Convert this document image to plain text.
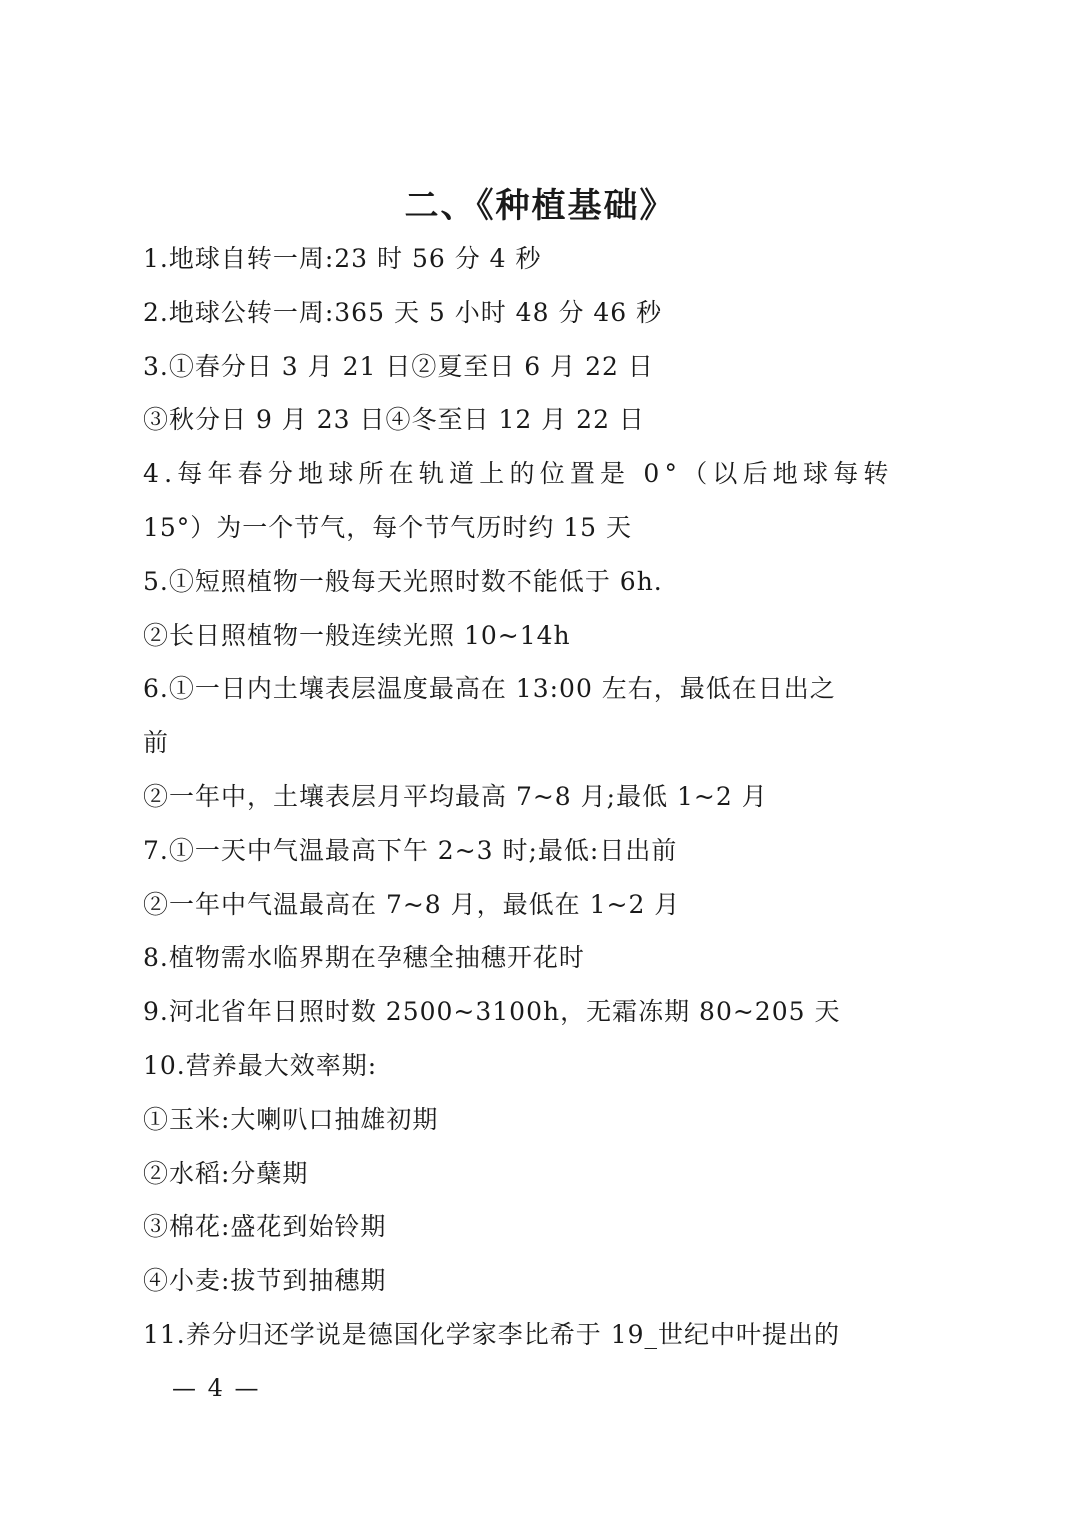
二、《种植基础》
1.地球自转一周:23 时 56 分 4 秒
2.地球公转一周:365 天 5 小时 48 分 46 秒
3.①春分日 3 月 21 日②夏至日 6 月 22 日
③秋分日 9 月 23 日④冬至日 12 月 22 日
4.每年春分地球所在轨道上的位置是 0°（以后地球每转
15°）为一个节气，每个节气历时约 15 天
5.①短照植物一般每天光照时数不能低于 6h.
②长日照植物一般连续光照 10~14h
6.①一日内土壤表层温度最高在 13:00 左右，最低在日出之
前
②一年中，土壤表层月平均最高 7~8 月;最低 1~2 月
7.①一天中气温最高下午 2~3 时;最低:日出前
②一年中气温最高在 7~8 月，最低在 1~2 月
8.植物需水临界期在孕穗全抽穗开花时
9.河北省年日照时数 2500~3100h，无霜冻期 80~205 天
10.营养最大效率期:
①玉米:大喇叭口抽雄初期
②水稻:分蘖期
③棉花:盛花到始铃期
④小麦:拔节到抽穗期
11.养分归还学说是德国化学家李比希于 19_世纪中叶提出的
— 4 —
